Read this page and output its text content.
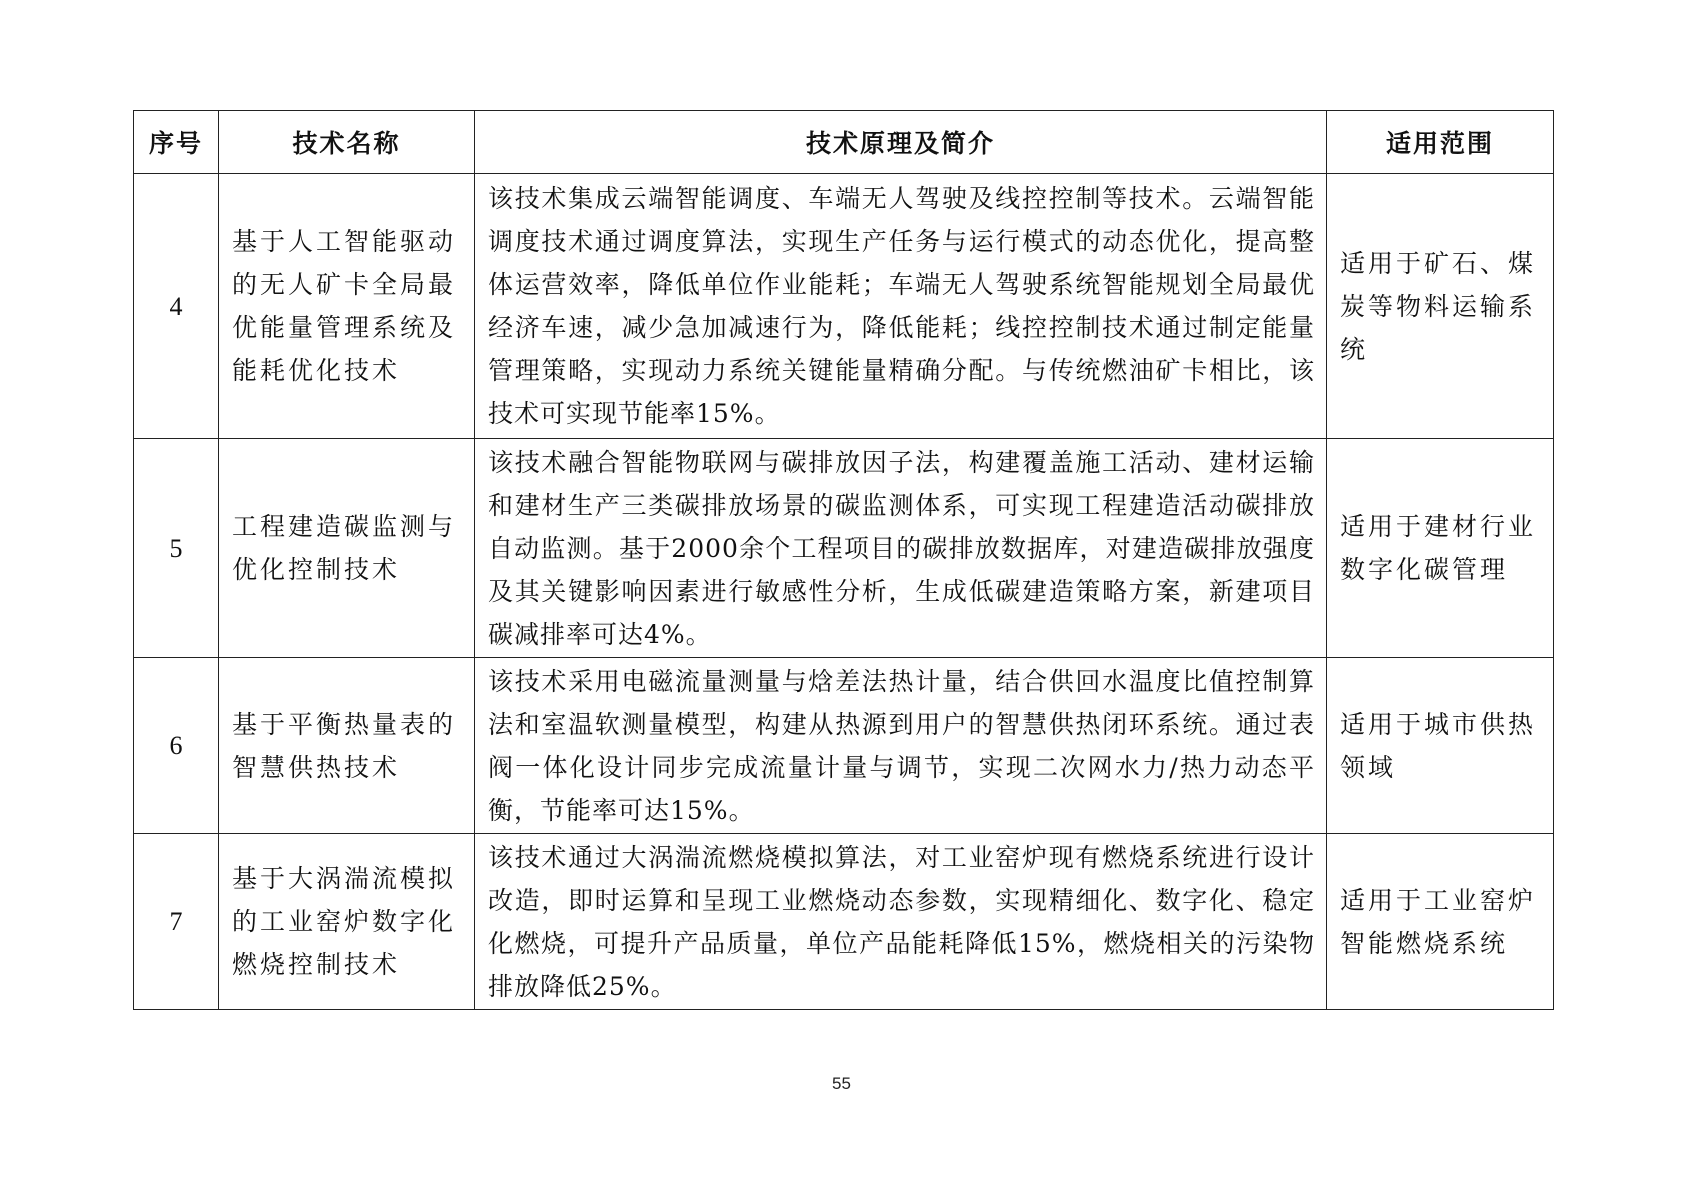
序号	技术名称	技术原理及简介	适用范围
4	基于人工智能驱动的无人矿卡全局最优能量管理系统及能耗优化技术	该技术集成云端智能调度、车端无人驾驶及线控控制等技术。云端智能调度技术通过调度算法，实现生产任务与运行模式的动态优化，提高整体运营效率，降低单位作业能耗；车端无人驾驶系统智能规划全局最优经济车速，减少急加减速行为，降低能耗；线控控制技术通过制定能量管理策略，实现动力系统关键能量精确分配。与传统燃油矿卡相比，该技术可实现节能率15%。	适用于矿石、煤炭等物料运输系统

5	工程建造碳监测与优化控制技术	该技术融合智能物联网与碳排放因子法，构建覆盖施工活动、建材运输和建材生产三类碳排放场景的碳监测体系，可实现工程建造活动碳排放自动监测。基于2000余个工程项目的碳排放数据库，对建造碳排放强度及其关键影响因素进行敏感性分析，生成低碳建造策略方案，新建项目碳减排率可达4%。	适用于建材行业数字化碳管理

6	基于平衡热量表的智慧供热技术	该技术采用电磁流量测量与焓差法热计量，结合供回水温度比值控制算法和室温软测量模型，构建从热源到用户的智慧供热闭环系统。通过表阀一体化设计同步完成流量计量与调节，实现二次网水力/热力动态平衡，节能率可达15%。	适用于城市供热领域

7	基于大涡湍流模拟的工业窑炉数字化燃烧控制技术	该技术通过大涡湍流燃烧模拟算法，对工业窑炉现有燃烧系统进行设计改造，即时运算和呈现工业燃烧动态参数，实现精细化、数字化、稳定化燃烧，可提升产品质量，单位产品能耗降低15%，燃烧相关的污染物排放降低25%。	适用于工业窑炉智能燃烧系统
55
